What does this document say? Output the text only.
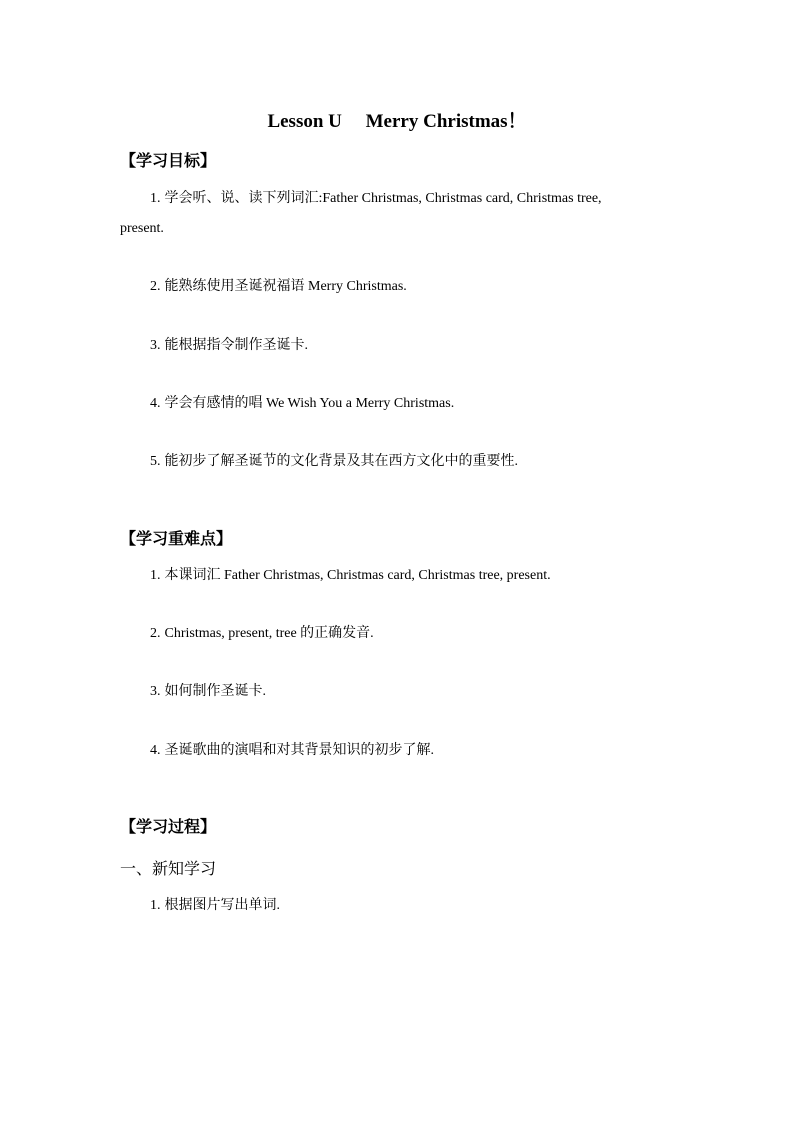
Lesson U　 Merry Christmas！
【学习目标】
1. 学会听、说、读下列词汇:Father Christmas, Christmas card, Christmas tree,
present.
2. 能熟练使用圣诞祝福语 Merry Christmas.
3. 能根据指令制作圣诞卡.
4. 学会有感情的唱 We Wish You a Merry Christmas.
5. 能初步了解圣诞节的文化背景及其在西方文化中的重要性.
【学习重难点】
1. 本课词汇 Father Christmas, Christmas card, Christmas tree, present.
2. Christmas, present, tree 的正确发音.
3. 如何制作圣诞卡.
4. 圣诞歌曲的演唱和对其背景知识的初步了解.
【学习过程】
一、新知学习
1. 根据图片写出单词.
